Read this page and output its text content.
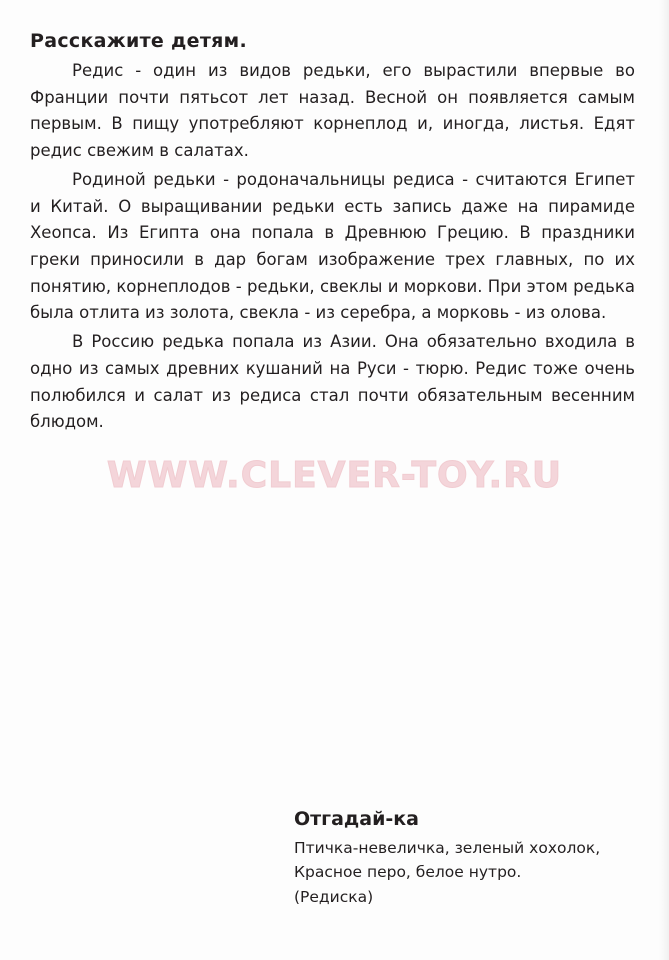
Расскажите детям.

Редис - один из видов редьки, его вырастили впервые во Франции почти пятьсот лет назад. Весной он появляется самым первым. В пищу употребляют корнеплод и, иногда, листья. Едят редис свежим в салатах.

Родиной редьки - родоначальницы редиса - считаются Египет и Китай. О выращивании редьки есть запись даже на пирамиде Хеопса. Из Египта она попала в Древнюю Грецию. В праздники греки приносили в дар богам изображение трех главных, по их понятию, корнеплодов - редьки, свеклы и моркови. При этом редька была отлита из золота, свекла - из серебра, а морковь - из олова.

В Россию редька попала из Азии. Она обязательно входила в одно из самых древних кушаний на Руси - тюрю. Редис тоже очень полюбился и салат из редиса стал почти обязательным весенним блюдом.

WWW.CLEVER-TOY.RU
Отгадай-ка
Птичка-невеличка, зеленый хохолок,
Красное перо, белое нутро.
(Редиска)
